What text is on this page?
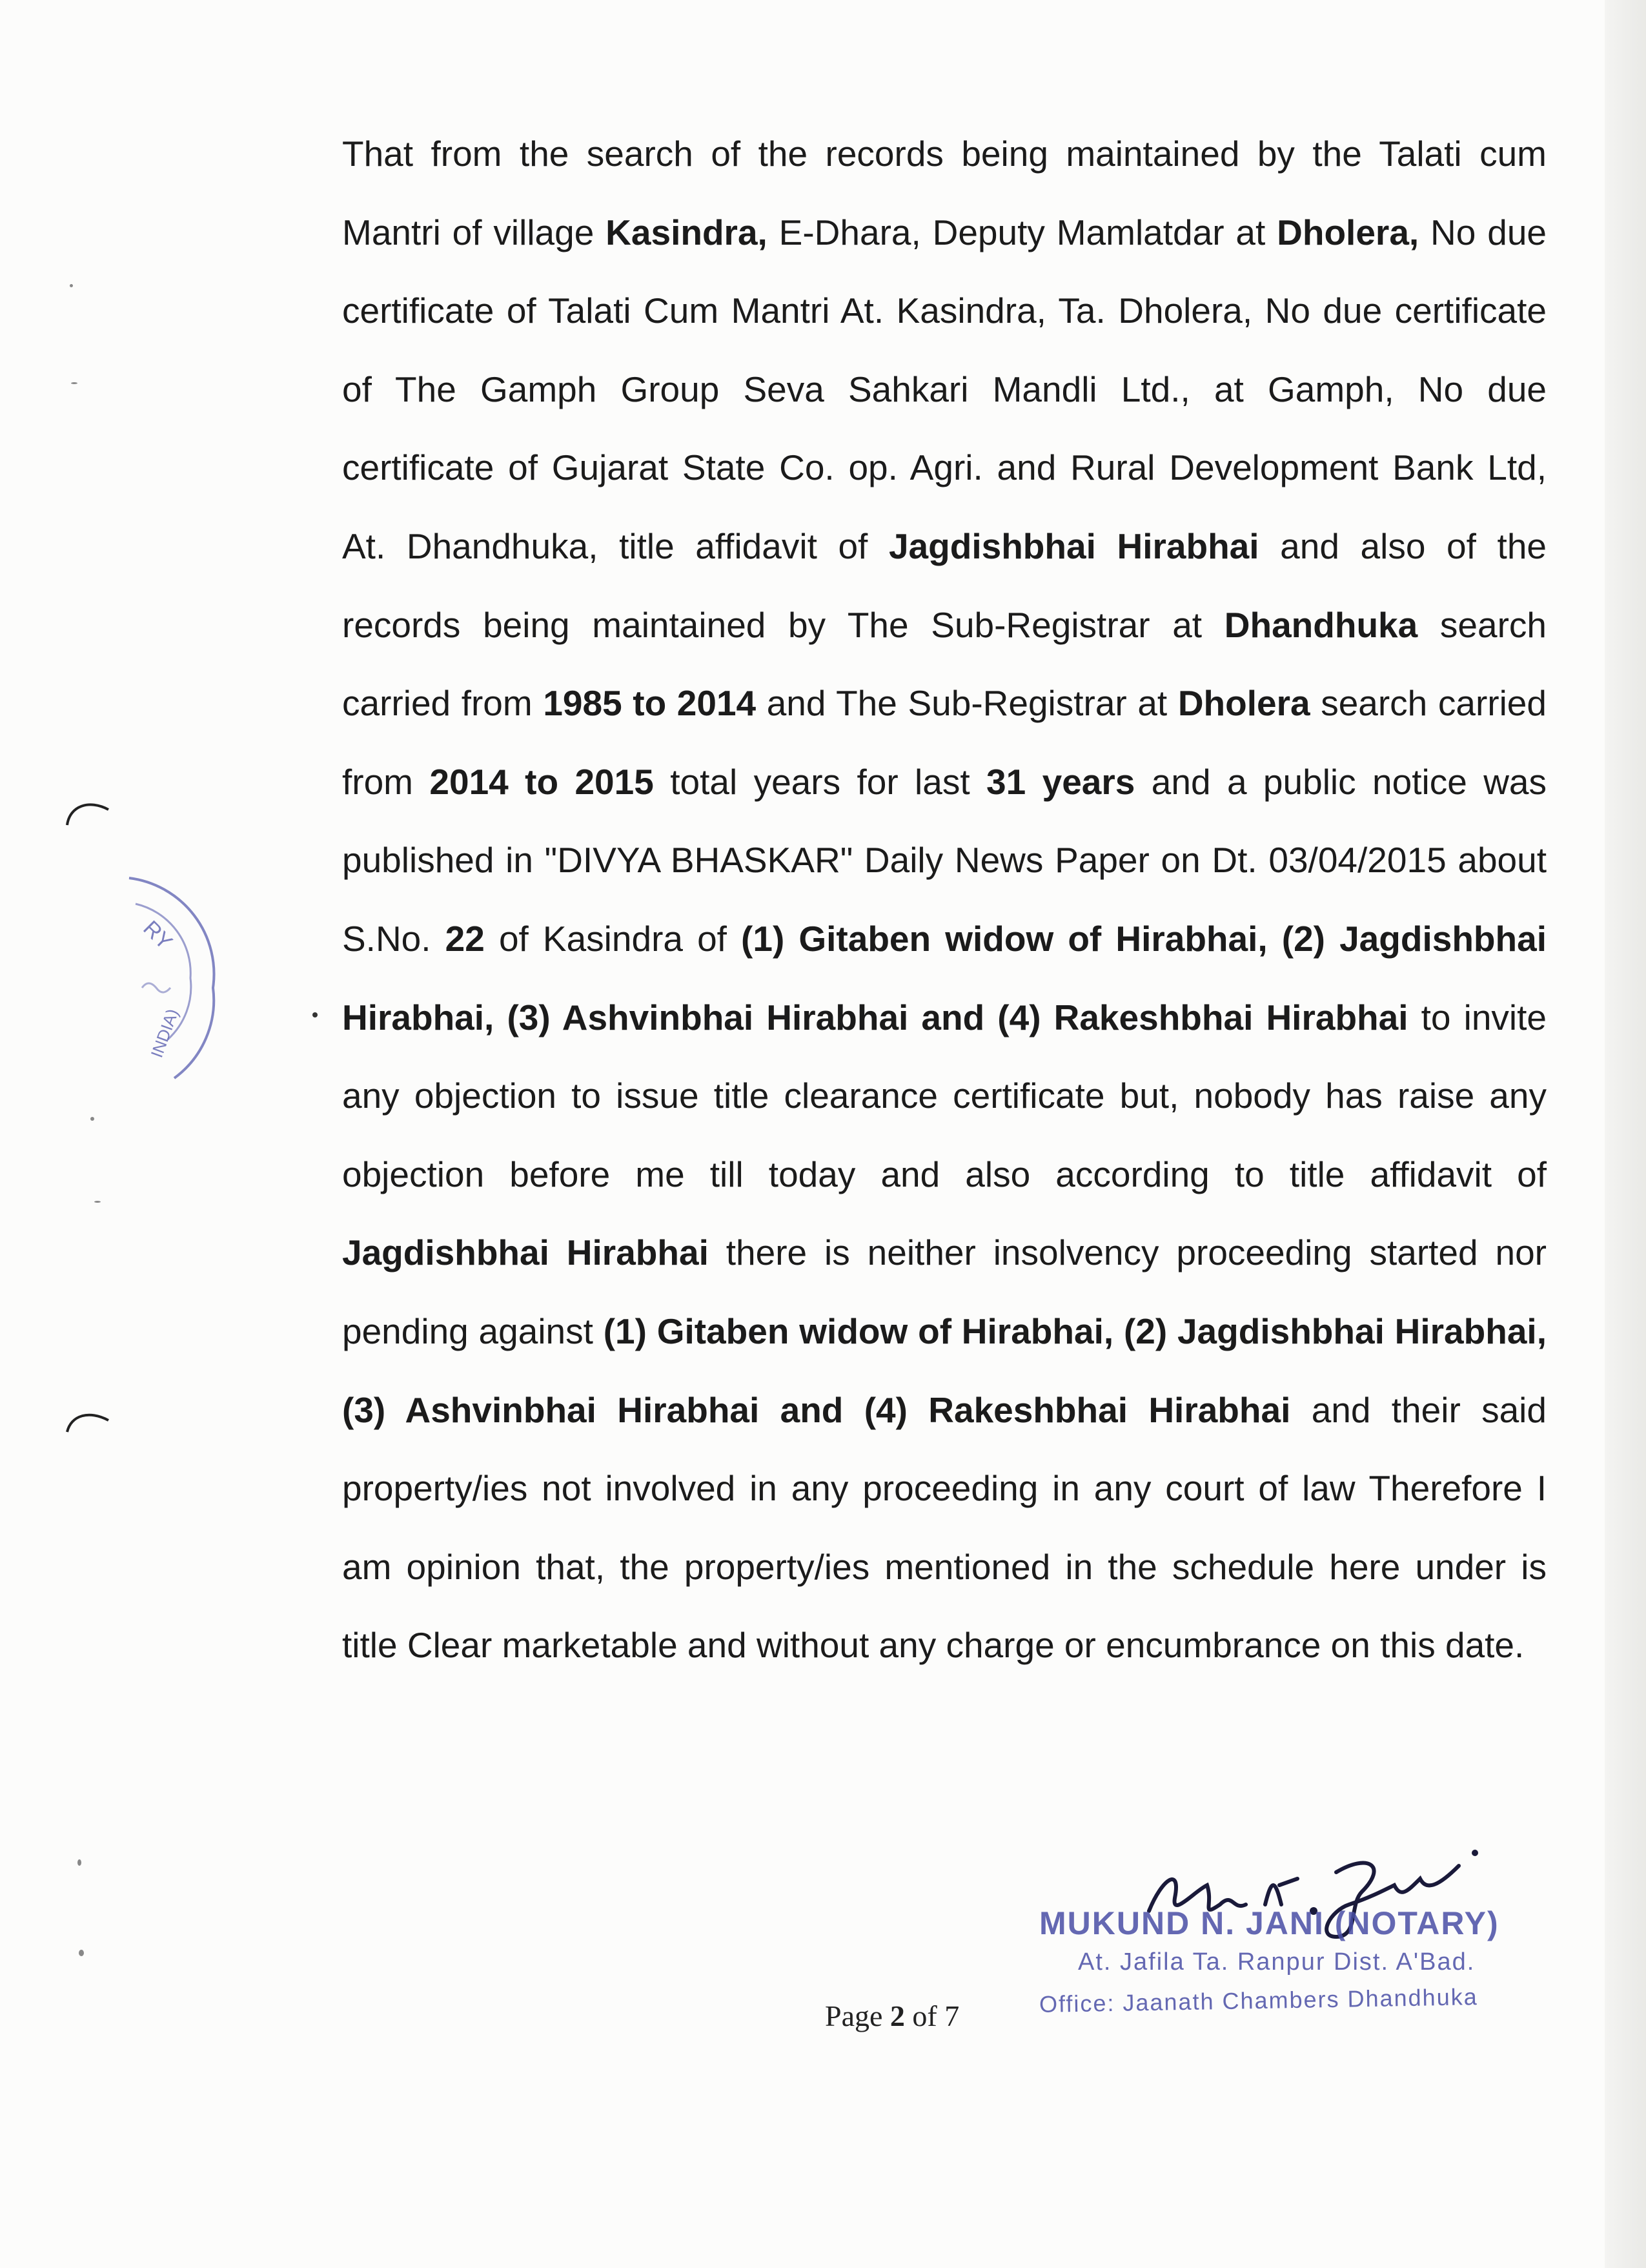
RY
INDIA)

That from the search of the records being maintained by the Talati cum Mantri of village Kasindra, E-Dhara, Deputy Mamlatdar at Dholera, No due certificate of Talati Cum Mantri At. Kasindra, Ta. Dholera, No due certificate of The Gamph Group Seva Sahkari Mandli Ltd., at Gamph, No due certificate of Gujarat State Co. op. Agri. and Rural Development Bank Ltd, At. Dhandhuka, title affidavit of Jagdishbhai Hirabhai and also of the records being maintained by The Sub-Registrar at Dhandhuka search carried from 1985 to 2014 and The Sub-Registrar at Dholera search carried from 2014 to 2015 total years for last 31 years and a public notice was published in "DIVYA BHASKAR" Daily News Paper on Dt. 03/04/2015 about S.No. 22 of Kasindra of (1) Gitaben widow of Hirabhai, (2) Jagdishbhai Hirabhai, (3) Ashvinbhai Hirabhai and (4) Rakeshbhai Hirabhai to invite any objection to issue title clearance certificate but, nobody has raise any objection before me till today and also according to title affidavit of Jagdishbhai Hirabhai there is neither insolvency proceeding started nor pending against (1) Gitaben widow of Hirabhai, (2) Jagdishbhai Hirabhai, (3) Ashvinbhai Hirabhai and (4) Rakeshbhai Hirabhai and their said property/ies not involved in any proceeding in any court of law Therefore I am opinion that, the property/ies mentioned in the schedule here under is title Clear marketable and without any charge or encumbrance on this date.

MUKUND N. JANI (NOTARY)
At. Jafila Ta. Ranpur Dist. A'Bad.
Office: Jaanath Chambers Dhandhuka
Page 2 of 7
